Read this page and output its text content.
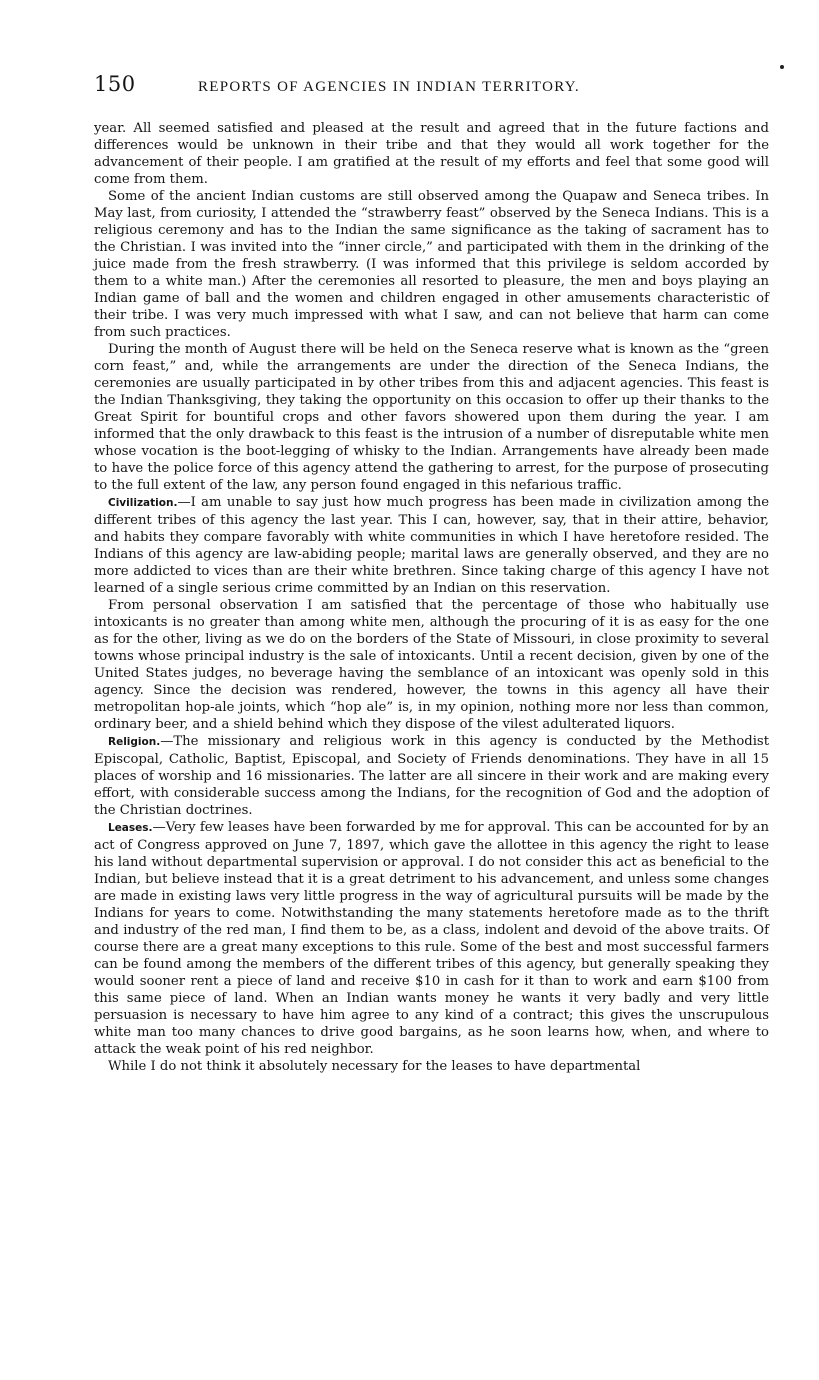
150	REPORTS OF AGENCIES IN INDIAN TERRITORY.

year. All seemed satisfied and pleased at the result and agreed that in the future factions and differences would be unknown in their tribe and that they would all work together for the advancement of their people. I am gratified at the result of my efforts and feel that some good will come from them.

Some of the ancient Indian customs are still observed among the Quapaw and Seneca tribes. In May last, from curiosity, I attended the “strawberry feast” observed by the Seneca Indians. This is a religious ceremony and has to the Indian the same significance as the taking of sacrament has to the Christian. I was invited into the “inner circle,” and participated with them in the drinking of the juice made from the fresh strawberry. (I was informed that this privilege is seldom accorded by them to a white man.) After the ceremonies all resorted to pleasure, the men and boys playing an Indian game of ball and the women and children engaged in other amusements characteristic of their tribe. I was very much impressed with what I saw, and can not believe that harm can come from such practices.

During the month of August there will be held on the Seneca reserve what is known as the “green corn feast,” and, while the arrangements are under the direction of the Seneca Indians, the ceremonies are usually participated in by other tribes from this and adjacent agencies. This feast is the Indian Thanksgiving, they taking the opportunity on this occasion to offer up their thanks to the Great Spirit for bountiful crops and other favors showered upon them during the year. I am informed that the only drawback to this feast is the intrusion of a number of disreputable white men whose vocation is the boot-legging of whisky to the Indian. Arrangements have already been made to have the police force of this agency attend the gathering to arrest, for the purpose of prosecuting to the full extent of the law, any person found engaged in this nefarious traffic.

Civilization.—I am unable to say just how much progress has been made in civilization among the different tribes of this agency the last year. This I can, however, say, that in their attire, behavior, and habits they compare favorably with white communities in which I have heretofore resided. The Indians of this agency are law-abiding people; marital laws are generally observed, and they are no more addicted to vices than are their white brethren. Since taking charge of this agency I have not learned of a single serious crime committed by an Indian on this reservation.

From personal observation I am satisfied that the percentage of those who habitually use intoxicants is no greater than among white men, although the procuring of it is as easy for the one as for the other, living as we do on the borders of the State of Missouri, in close proximity to several towns whose principal industry is the sale of intoxicants. Until a recent decision, given by one of the United States judges, no beverage having the semblance of an intoxicant was openly sold in this agency. Since the decision was rendered, however, the towns in this agency all have their metropolitan hop-ale joints, which “hop ale” is, in my opinion, nothing more nor less than common, ordinary beer, and a shield behind which they dispose of the vilest adulterated liquors.

Religion.—The missionary and religious work in this agency is conducted by the Methodist Episcopal, Catholic, Baptist, Episcopal, and Society of Friends denominations. They have in all 15 places of worship and 16 missionaries. The latter are all sincere in their work and are making every effort, with considerable success among the Indians, for the recognition of God and the adoption of the Christian doctrines.

Leases.—Very few leases have been forwarded by me for approval. This can be accounted for by an act of Congress approved on June 7, 1897, which gave the allottee in this agency the right to lease his land without departmental supervision or approval. I do not consider this act as beneficial to the Indian, but believe instead that it is a great detriment to his advancement, and unless some changes are made in existing laws very little progress in the way of agricultural pursuits will be made by the Indians for years to come. Notwithstanding the many statements heretofore made as to the thrift and industry of the red man, I find them to be, as a class, indolent and devoid of the above traits. Of course there are a great many exceptions to this rule. Some of the best and most successful farmers can be found among the members of the different tribes of this agency, but generally speaking they would sooner rent a piece of land and receive $10 in cash for it than to work and earn $100 from this same piece of land. When an Indian wants money he wants it very badly and very little persuasion is necessary to have him agree to any kind of a contract; this gives the unscrupulous white man too many chances to drive good bargains, as he soon learns how, when, and where to attack the weak point of his red neighbor.

While I do not think it absolutely necessary for the leases to have departmental
